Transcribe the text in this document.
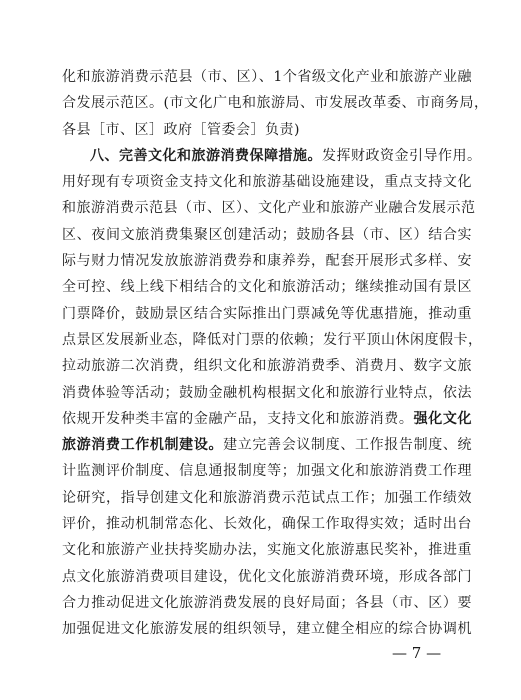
化和旅游消费示范县（市、区）、1个省级文化产业和旅游产业融
合发展示范区。(市文化广电和旅游局、市发展改革委、市商务局，
各县［市、区］政府［管委会］负责)

八、完善文化和旅游消费保障措施。发挥财政资金引导作用。
用好现有专项资金支持文化和旅游基础设施建设，重点支持文化
和旅游消费示范县（市、区）、文化产业和旅游产业融合发展示范
区、夜间文旅消费集聚区创建活动；鼓励各县（市、区）结合实
际与财力情况发放旅游消费券和康养券，配套开展形式多样、安
全可控、线上线下相结合的文化和旅游活动；继续推动国有景区
门票降价，鼓励景区结合实际推出门票减免等优惠措施，推动重
点景区发展新业态，降低对门票的依赖；发行平顶山休闲度假卡，
拉动旅游二次消费，组织文化和旅游消费季、消费月、数字文旅
消费体验等活动；鼓励金融机构根据文化和旅游行业特点，依法
依规开发种类丰富的金融产品，支持文化和旅游消费。强化文化
旅游消费工作机制建设。建立完善会议制度、工作报告制度、统
计监测评价制度、信息通报制度等；加强文化和旅游消费工作理
论研究，指导创建文化和旅游消费示范试点工作；加强工作绩效
评价，推动机制常态化、长效化，确保工作取得实效；适时出台
文化和旅游产业扶持奖励办法，实施文化旅游惠民奖补，推进重
点文化旅游消费项目建设，优化文化旅游消费环境，形成各部门
合力推动促进文化旅游消费发展的良好局面；各县（市、区）要
加强促进文化旅游发展的组织领导，建立健全相应的综合协调机

— 7 —
